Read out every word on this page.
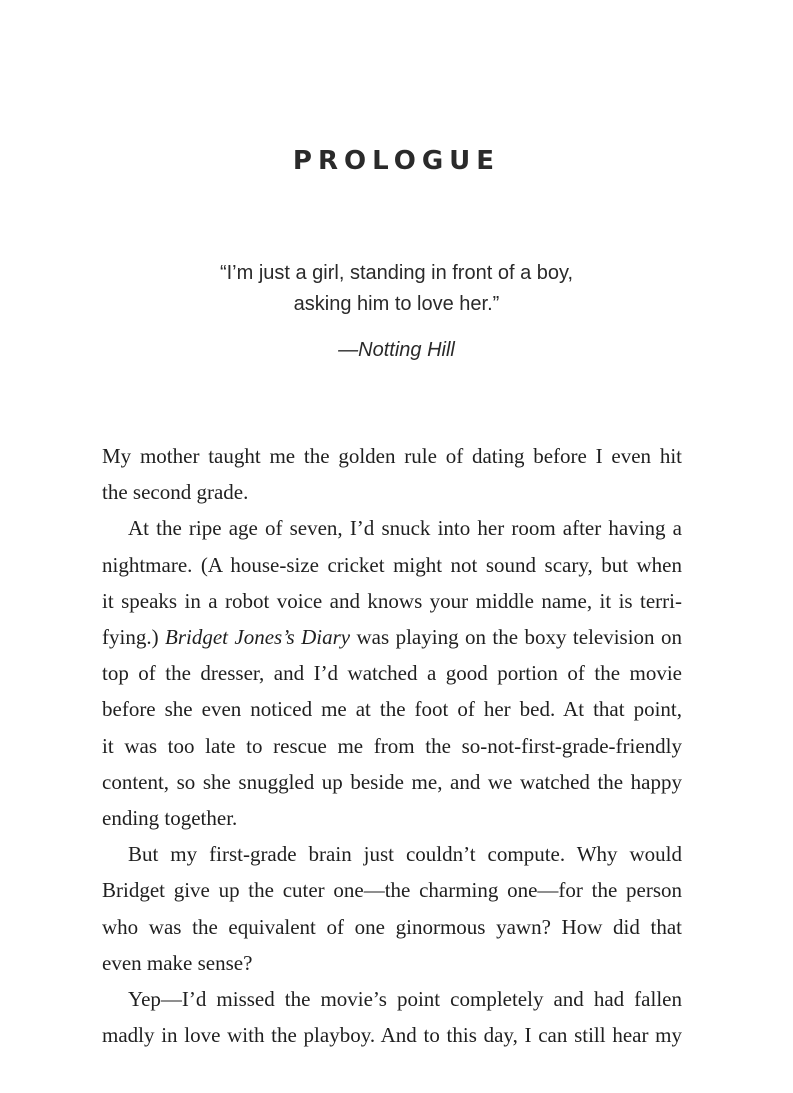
PROLOGUE
“I’m just a girl, standing in front of a boy,
asking him to love her.”
—Notting Hill

My mother taught me the golden rule of dating before I even hit
the second grade.

At the ripe age of seven, I’d snuck into her room after having a
nightmare. (A house-size cricket might not sound scary, but when
it speaks in a robot voice and knows your middle name, it is terri-
fying.) Bridget Jones’s Diary was playing on the boxy television on
top of the dresser, and I’d watched a good portion of the movie
before she even noticed me at the foot of her bed. At that point,
it was too late to rescue me from the so-not-first-grade-friendly
content, so she snuggled up beside me, and we watched the happy
ending together.

But my first-grade brain just couldn’t compute. Why would
Bridget give up the cuter one—the charming one—for the person
who was the equivalent of one ginormous yawn? How did that
even make sense?

Yep—I’d missed the movie’s point completely and had fallen
madly in love with the playboy. And to this day, I can still hear my
